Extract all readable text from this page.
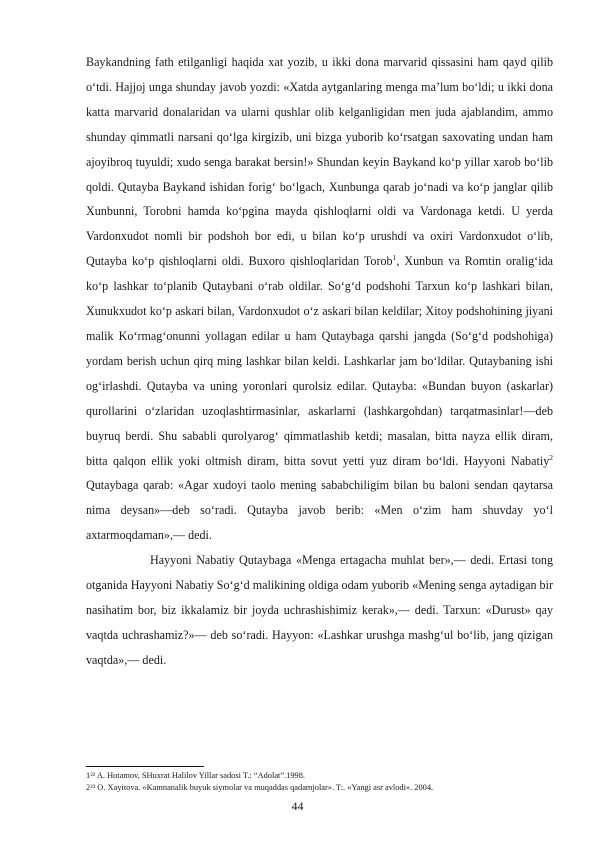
Baykandning fath etilganligi haqida xat yozib, u ikki dona marvarid qissasini ham qayd qilib o‘tdi. Hajjoj unga shunday javob yozdi: «Xatda aytganlaring menga ma’lum bo‘ldi; u ikki dona katta marvarid donalaridan va ularni qushlar olib kelganligidan men juda ajablandim, ammo shunday qimmatli narsani qo‘lga kirgizib, uni bizga yuborib ko‘rsatgan saxovating undan ham ajoyibroq tuyuldi; xudo senga barakat bersin!» Shundan keyin Baykand ko‘p yillar xarob bo‘lib qoldi. Qutayba Baykand ishidan forig‘ bo‘lgach, Xunbunga qarab jo‘nadi va ko‘p janglar qilib Xunbunni, Torobni hamda ko‘pgina mayda qishloqlarni oldi va Vardonaga ketdi. U yerda Vardonxudot nomli bir podshoh bor edi, u bilan ko‘p urushdi va oxiri Vardonxudot o‘lib, Qutayba ko‘p qishloqlarni oldi. Buxoro qishloqlaridan Torob$^1$, Xunbun va Romtin oralig‘ida ko‘p lashkar to‘planib Qutaybani o‘rab oldilar. So‘g‘d podshohi Tarxun ko‘p lashkari bilan, Xunukxudot ko‘p askari bilan, Vardonxudot o‘z askari bilan keldilar; Xitoy podshohining jiyani malik Ko‘rmag‘onunni yollagan edilar u ham Qutaybaga qarshi jangda (So‘g‘d podshohiga) yordam berish uchun qirq ming lashkar bilan keldi. Lashkarlar jam bo‘ldilar. Qutaybaning ishi og‘irlashdi. Qutayba va uning yoronlari qurolsiz edilar. Qutayba: «Bundan buyon (askarlar) qurollarini o‘zlaridan uzoqlashtirmasinlar, askarlarni (lashkargohdan) tarqatmasinlar!—deb buyruq berdi. Shu sababli qurolyarog‘ qimmatlashib ketdi; masalan, bitta nayza ellik diram, bitta qalqon ellik yoki oltmish diram, bitta sovut yetti yuz diram bo‘ldi. Hayyoni Nabatiy$^2$ Qutaybaga qarab: «Agar xudoyi taolo mening sababchiligim bilan bu baloni sendan qaytarsa nima deysan»—deb so‘radi. Qutayba javob berib: «Men o‘zim ham shuvday yo‘l axtarmoqdaman»,— dedi.

Hayyoni Nabatiy Qutaybaga «Menga ertagacha muhlat ber»,— dedi. Ertasi tong otganida Hayyoni Nabatiy So‘g‘d malikining oldiga odam yuborib «Mening senga aytadigan bir nasihatim bor, biz ikkalamiz bir joyda uchrashishimiz kerak»,— dedi. Tarxun: «Durust» qay vaqtda uchrashamiz?»— deb so‘radi. Hayyon: «Lashkar urushga mashg‘ul bo‘lib, jang qizigan vaqtda»,— dedi.

1²² A. Hotamov, SHuxrat Halilov Yillar sadosi T.: “Adolat”.1998.
2²³ O. Xayitova. «Kamnanalik buyuk siymolar va muqaddas qadamjolar». T:. «Yangi asr avlodi». 2004.
44
